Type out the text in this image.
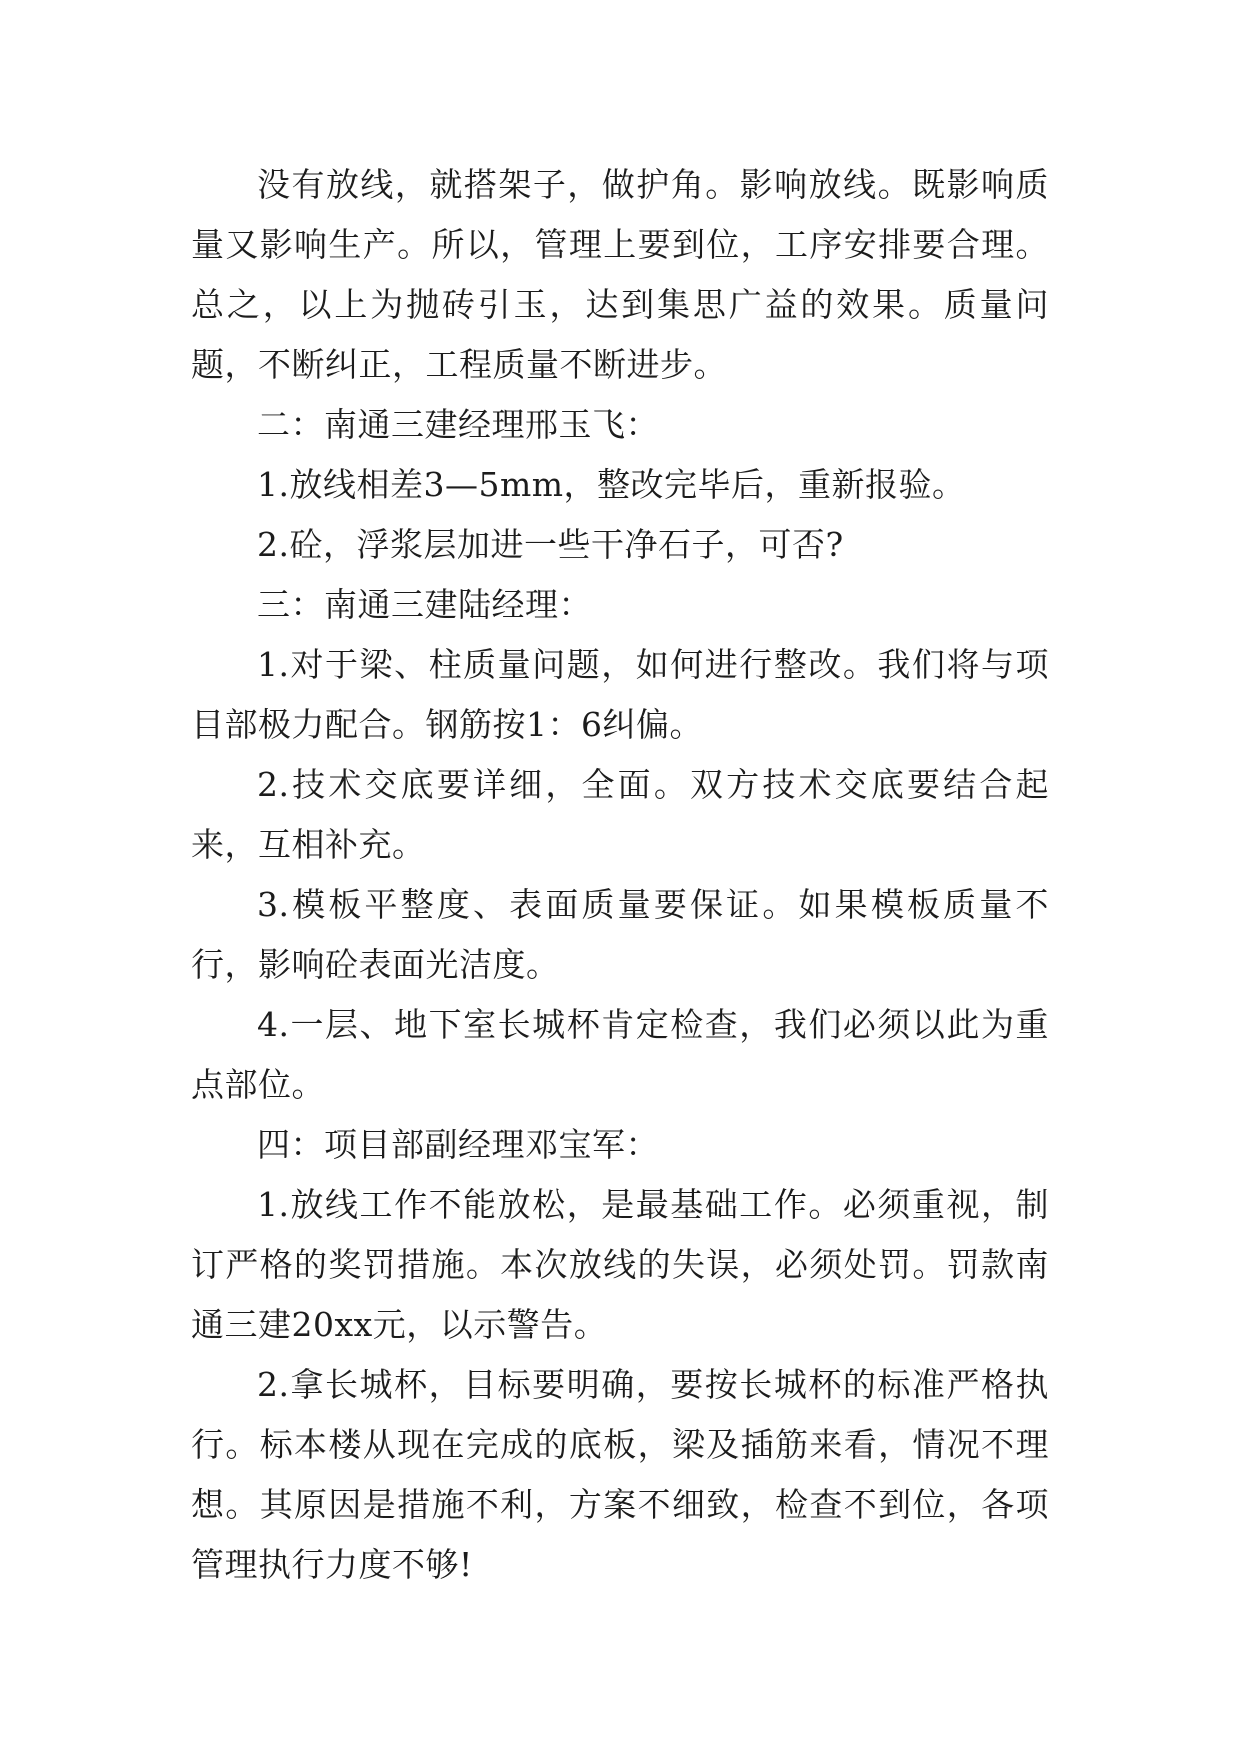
没有放线，就搭架子，做护角。影响放线。既影响质量又影响生产。所以，管理上要到位，工序安排要合理。总之，以上为抛砖引玉，达到集思广益的效果。质量问题，不断纠正，工程质量不断进步。

二：南通三建经理邢玉飞：

1.放线相差3—5mm，整改完毕后，重新报验。

2.砼，浮浆层加进一些干净石子，可否?

三：南通三建陆经理：

1.对于梁、柱质量问题，如何进行整改。我们将与项目部极力配合。钢筋按1：6纠偏。

2.技术交底要详细，全面。双方技术交底要结合起来，互相补充。

3.模板平整度、表面质量要保证。如果模板质量不行，影响砼表面光洁度。

4.一层、地下室长城杯肯定检查，我们必须以此为重点部位。

四：项目部副经理邓宝军：

1.放线工作不能放松，是最基础工作。必须重视，制订严格的奖罚措施。本次放线的失误，必须处罚。罚款南通三建20xx元，以示警告。

2.拿长城杯，目标要明确，要按长城杯的标准严格执行。标本楼从现在完成的底板，梁及插筋来看，情况不理想。其原因是措施不利，方案不细致，检查不到位，各项管理执行力度不够!
